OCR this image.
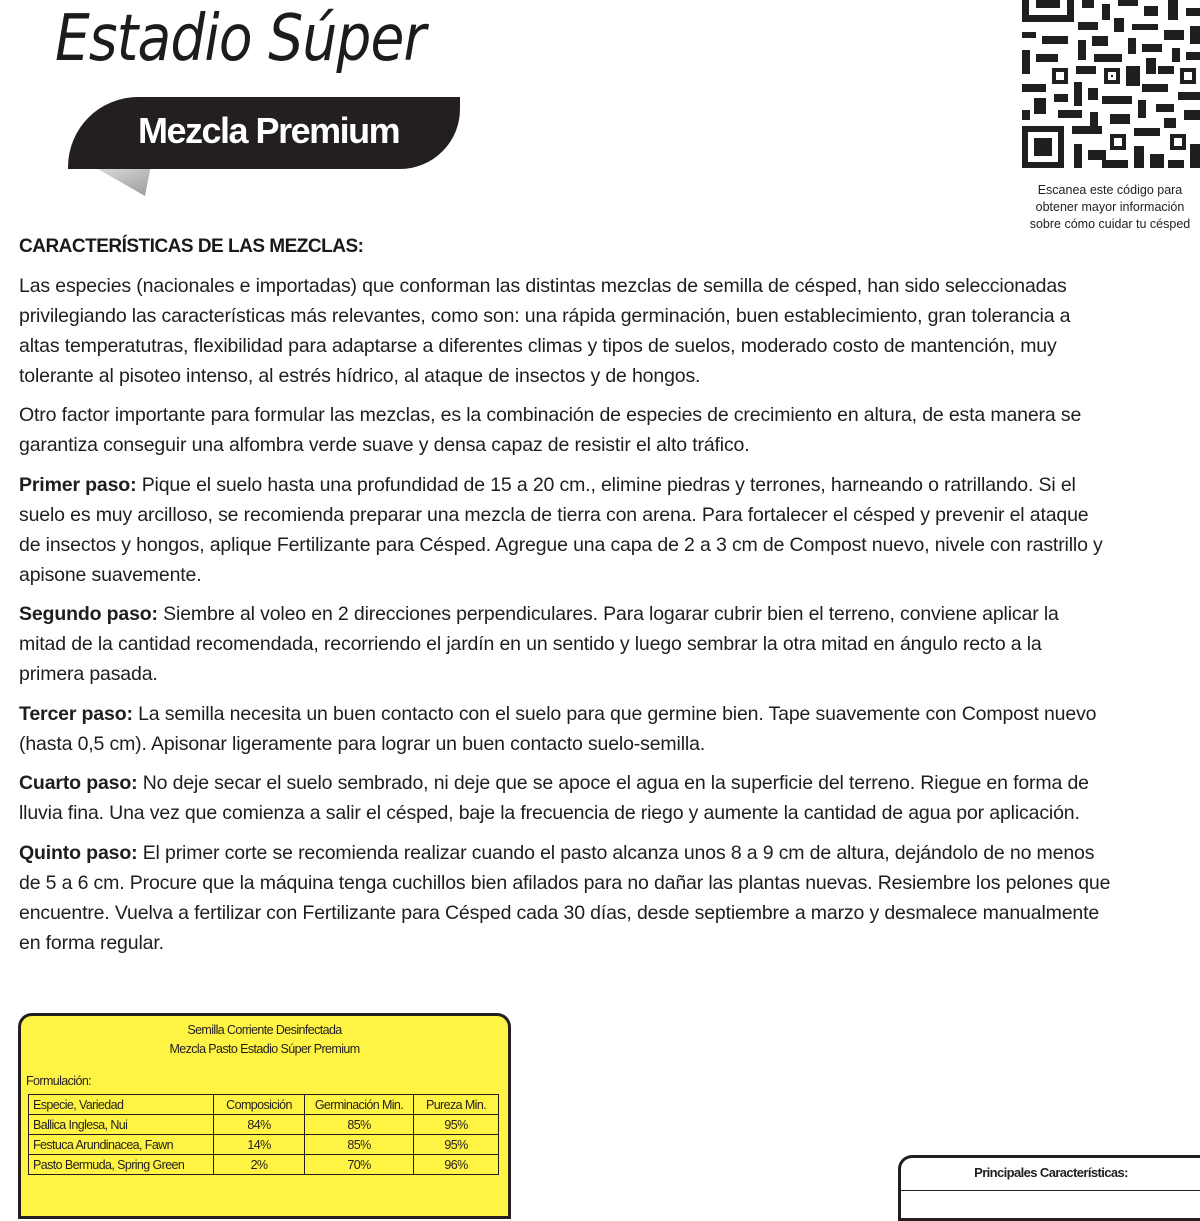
Estadio Súper
Mezcla Premium
Escanea este código para
obtener mayor información
sobre cómo cuidar tu césped
CARACTERÍSTICAS DE LAS MEZCLAS:
Las especies (nacionales e importadas) que conforman las distintas mezclas de semilla de césped, han sido seleccionadas
privilegiando las características más relevantes, como son: una rápida germinación, buen establecimiento, gran tolerancia a
altas temperatutras, flexibilidad para adaptarse a diferentes climas y tipos de suelos, moderado costo de mantención, muy
tolerante al pisoteo intenso, al estrés hídrico, al ataque de insectos y de hongos.
Otro factor importante para formular las mezclas, es la combinación de especies de crecimiento en altura, de esta manera se
garantiza conseguir una alfombra verde suave y densa capaz de resistir el alto tráfico.
Primer paso: Pique el suelo hasta una profundidad de 15 a 20 cm., elimine piedras y terrones, harneando o ratrillando. Si el
suelo es muy arcilloso, se recomienda preparar una mezcla de tierra con arena. Para fortalecer el césped y prevenir el ataque
de insectos y hongos, aplique Fertilizante para Césped. Agregue una capa de 2 a 3 cm de Compost nuevo, nivele con rastrillo y
apisone suavemente.
Segundo paso: Siembre al voleo en 2 direcciones perpendiculares. Para logarar cubrir bien el terreno, conviene aplicar la
mitad de la cantidad recomendada, recorriendo el jardín en un sentido y luego sembrar la otra mitad en ángulo recto a la
primera pasada.
Tercer paso: La semilla necesita un buen contacto con el suelo para que germine bien. Tape suavemente con Compost nuevo
(hasta 0,5 cm). Apisonar ligeramente para lograr un buen contacto suelo-semilla.
Cuarto paso: No deje secar el suelo sembrado, ni deje que se apoce el agua en la superficie del terreno. Riegue en forma de
lluvia fina. Una vez que comienza a salir el césped, baje la frecuencia de riego y aumente la cantidad de agua por aplicación.
Quinto paso: El primer corte se recomienda realizar cuando el pasto alcanza unos 8 a 9 cm de altura, dejándolo de no menos
de 5 a 6 cm. Procure que la máquina tenga cuchillos bien afilados para no dañar las plantas nuevas. Resiembre los pelones que
encuentre. Vuelva a fertilizar con Fertilizante para Césped cada 30 días, desde septiembre a marzo y desmalece manualmente
en forma regular.
Semilla Corriente Desinfectada
Mezcla Pasto Estadio Súper Premium
Formulación:
Especie, Variedad	Composición	Germinación Min.	Pureza Min.
Ballica Inglesa, Nui	84%	85%	95%
Festuca Arundinacea, Fawn	14%	85%	95%
Pasto Bermuda, Spring Green	2%	70%	96%
Principales Características:
